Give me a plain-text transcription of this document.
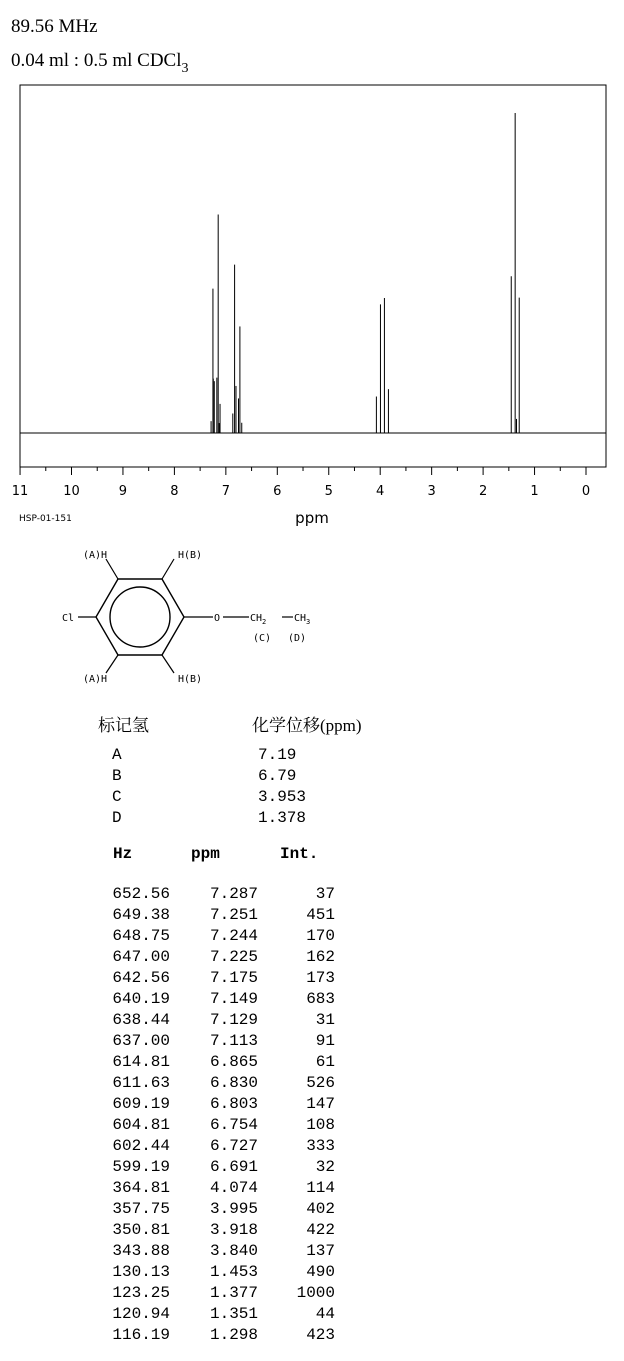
89.56 MHz
0.04 ml : 0.5 ml CDCl$_3$
11	10	9	8	7	6	5	4	3	2	1	0
ppm
HSP-01-151
(A)H	H(B)
(A)H	H(B)
Cl	O	$CH_2$	$CH_3$
(C) (D)
标记氢	化学位移(ppm)
A	7.19
B	6.79
C	3.953
D	1.378
Hz	ppm	Int.
652.56	7.287	37
649.38	7.251	451
648.75	7.244	170
647.00	7.225	162
642.56	7.175	173
640.19	7.149	683
638.44	7.129	31
637.00	7.113	91
614.81	6.865	61
611.63	6.830	526
609.19	6.803	147
604.81	6.754	108
602.44	6.727	333
599.19	6.691	32
364.81	4.074	114
357.75	3.995	402
350.81	3.918	422
343.88	3.840	137
130.13	1.453	490
123.25	1.377	1000
120.94	1.351	44
116.19	1.298	423
